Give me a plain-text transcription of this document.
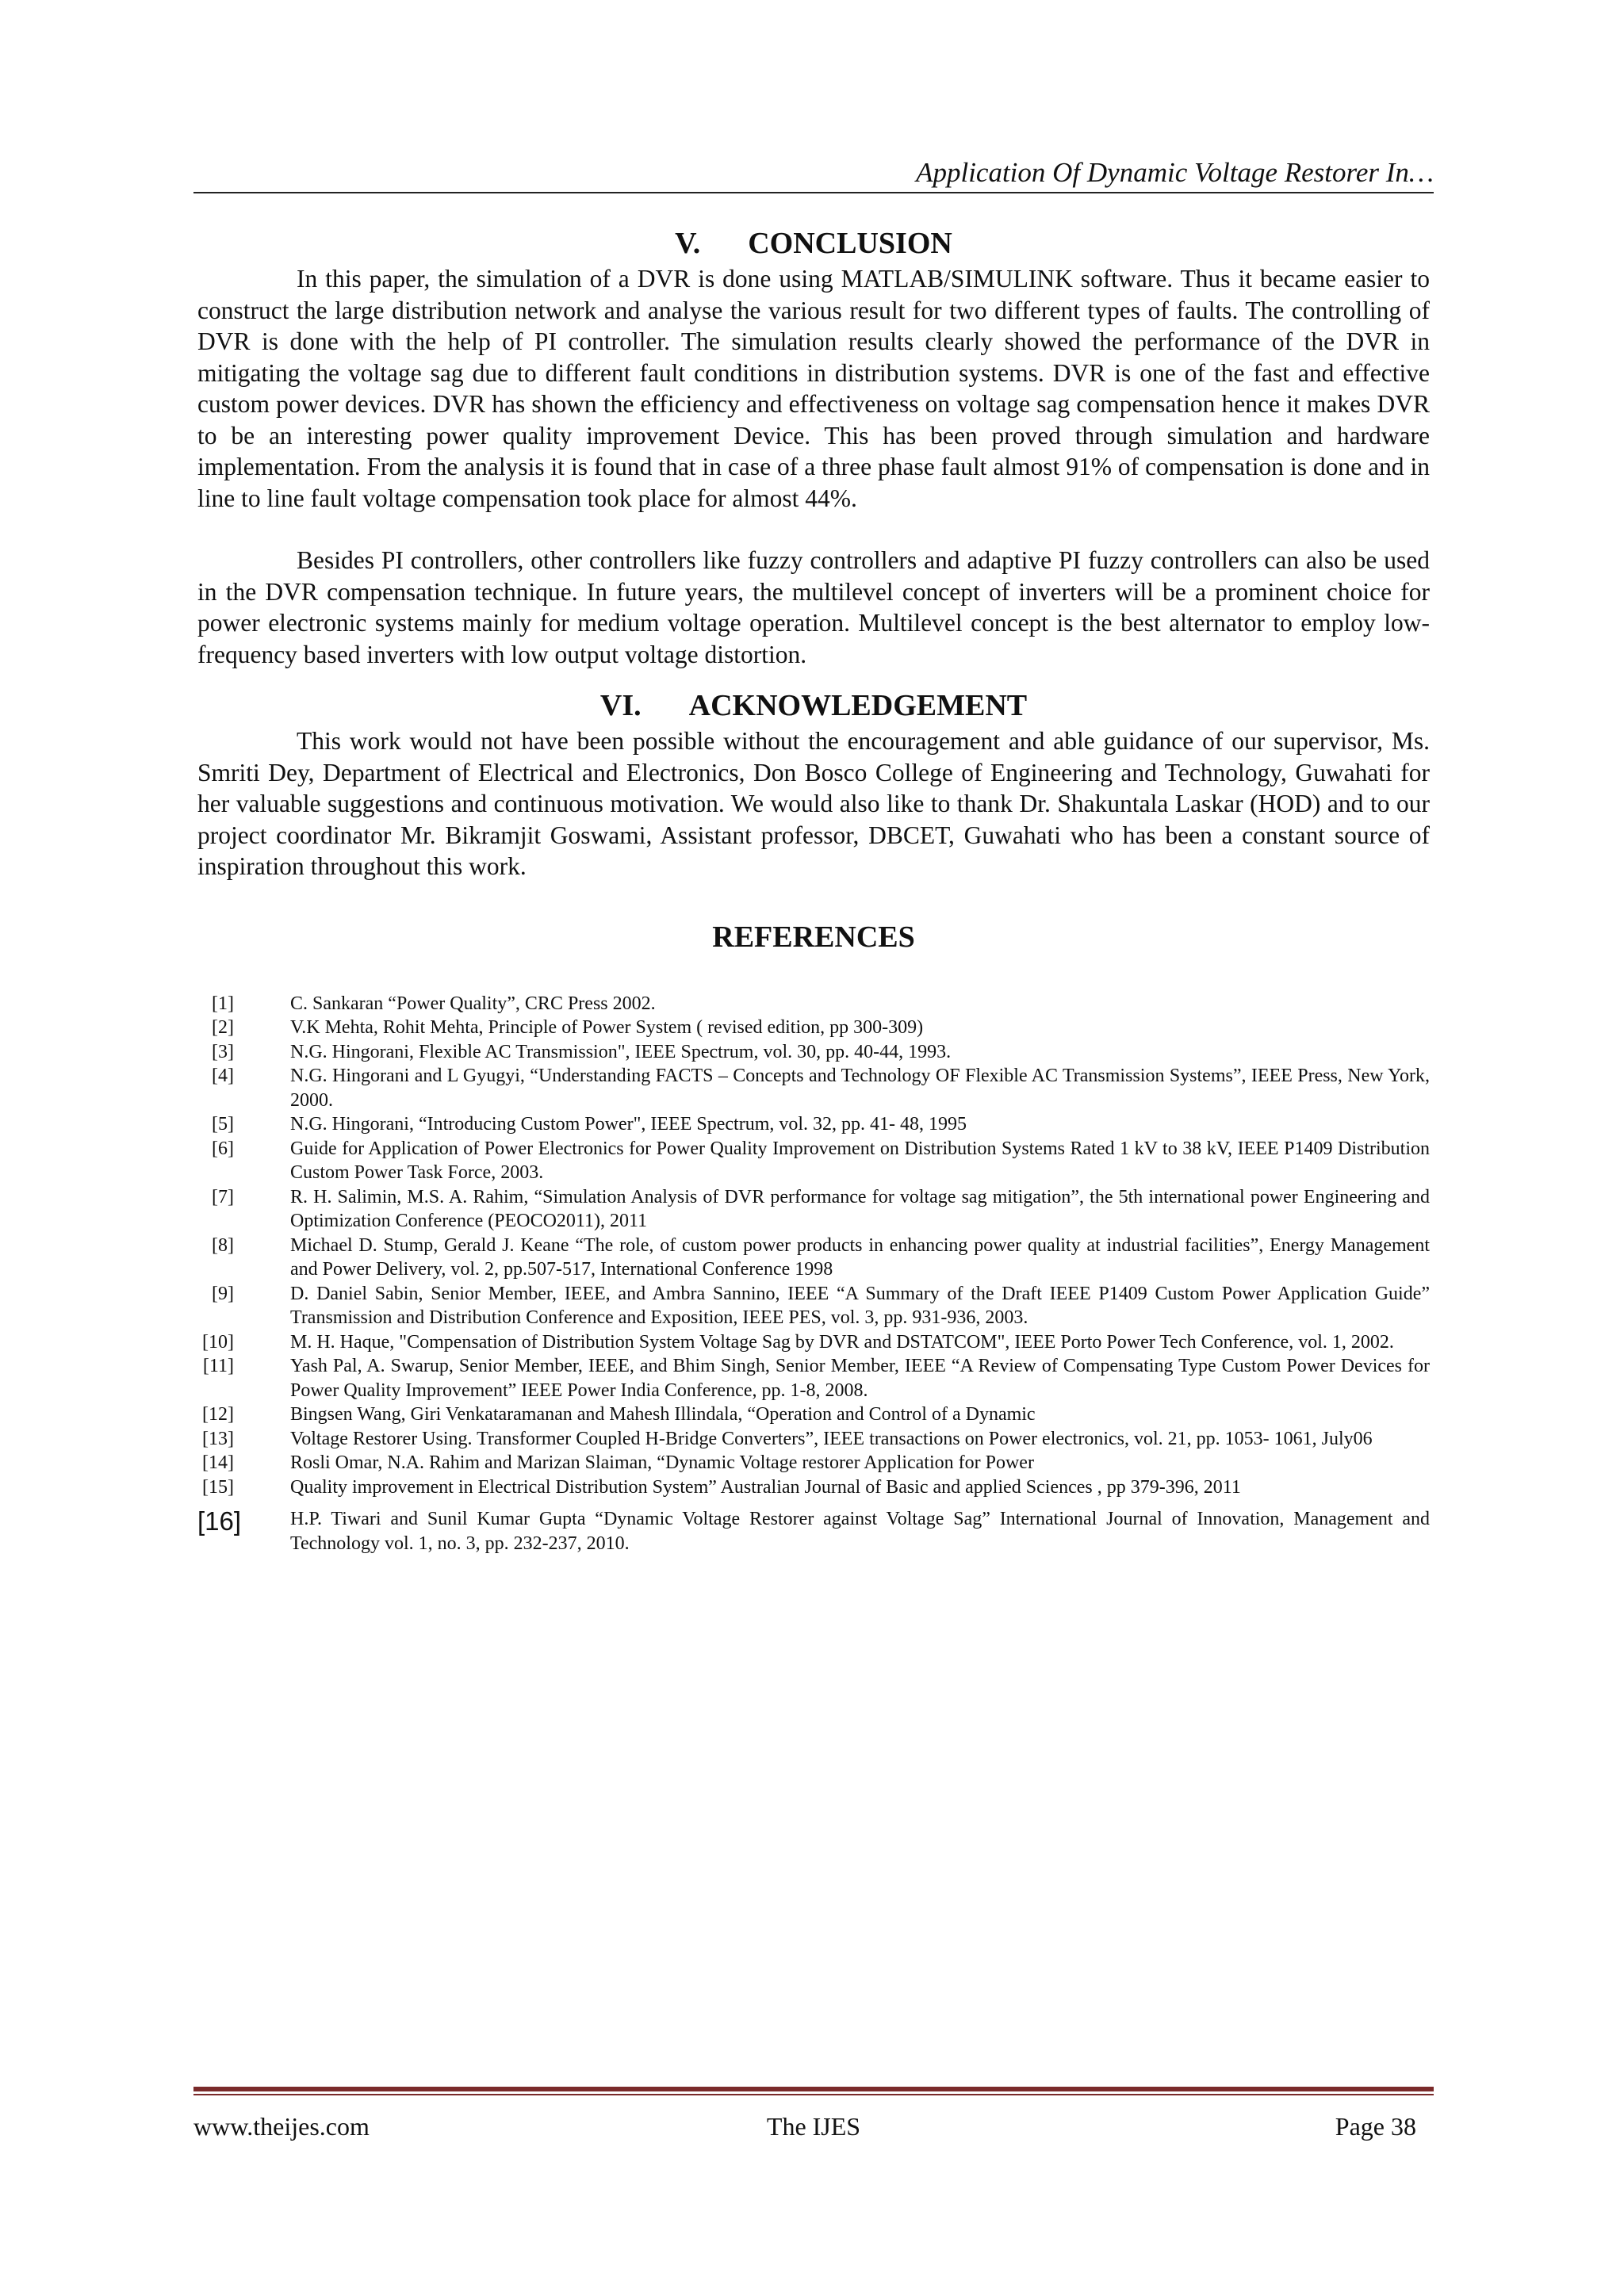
Application Of Dynamic Voltage Restorer In…
V. CONCLUSION

In this paper, the simulation of a DVR is done using MATLAB/SIMULINK software. Thus it became easier to construct the large distribution network and analyse the various result for two different types of faults. The controlling of DVR is done with the help of PI controller. The simulation results clearly showed the performance of the DVR in mitigating the voltage sag due to different fault conditions in distribution systems. DVR is one of the fast and effective custom power devices. DVR has shown the efficiency and effectiveness on voltage sag compensation hence it makes DVR to be an interesting power quality improvement Device. This has been proved through simulation and hardware implementation. From the analysis it is found that in case of a three phase fault almost 91% of compensation is done and in line to line fault voltage compensation took place for almost 44%.

Besides PI controllers, other controllers like fuzzy controllers and adaptive PI fuzzy controllers can also be used in the DVR compensation technique. In future years, the multilevel concept of inverters will be a prominent choice for power electronic systems mainly for medium voltage operation. Multilevel concept is the best alternator to employ low-frequency based inverters with low output voltage distortion.

VI. ACKNOWLEDGEMENT

This work would not have been possible without the encouragement and able guidance of our supervisor, Ms. Smriti Dey, Department of Electrical and Electronics, Don Bosco College of Engineering and Technology, Guwahati for her valuable suggestions and continuous motivation. We would also like to thank Dr. Shakuntala Laskar (HOD) and to our project coordinator Mr. Bikramjit Goswami, Assistant professor, DBCET, Guwahati who has been a constant source of inspiration throughout this work.

REFERENCES
[1]	C. Sankaran “Power Quality”, CRC Press 2002.
[2]	V.K Mehta, Rohit Mehta, Principle of Power System ( revised edition, pp 300-309)
[3]	N.G. Hingorani, Flexible AC Transmission", IEEE Spectrum, vol. 30, pp. 40-44, 1993.
[4]	N.G. Hingorani and L Gyugyi, “Understanding FACTS – Concepts and Technology OF Flexible AC Transmission Systems”, IEEE Press, New York, 2000.
[5]	N.G. Hingorani, “Introducing Custom Power", IEEE Spectrum, vol. 32, pp. 41- 48, 1995
[6]	Guide for Application of Power Electronics for Power Quality Improvement on Distribution Systems Rated 1 kV to 38 kV, IEEE P1409 Distribution Custom Power Task Force, 2003.
[7]	R. H. Salimin, M.S. A. Rahim, “Simulation Analysis of DVR performance for voltage sag mitigation”, the 5th international power Engineering and Optimization Conference (PEOCO2011), 2011
[8]	Michael D. Stump, Gerald J. Keane “The role, of custom power products in enhancing power quality at industrial facilities”, Energy Management and Power Delivery, vol. 2, pp.507-517, International Conference 1998
[9]	D. Daniel Sabin, Senior Member, IEEE, and Ambra Sannino, IEEE “A Summary of the Draft IEEE P1409 Custom Power Application Guide” Transmission and Distribution Conference and Exposition, IEEE PES, vol. 3, pp. 931-936, 2003.
[10]	M. H. Haque, "Compensation of Distribution System Voltage Sag by DVR and DSTATCOM", IEEE Porto Power Tech Conference, vol. 1, 2002.
[11]	Yash Pal, A. Swarup, Senior Member, IEEE, and Bhim Singh, Senior Member, IEEE “A Review of Compensating Type Custom Power Devices for Power Quality Improvement” IEEE Power India Conference, pp. 1-8, 2008.
[12]	Bingsen Wang, Giri Venkataramanan and Mahesh Illindala, “Operation and Control of a Dynamic
[13]	Voltage Restorer Using. Transformer Coupled H-Bridge Converters”, IEEE transactions on Power electronics, vol. 21, pp. 1053- 1061, July06
[14]	Rosli Omar, N.A. Rahim and Marizan Slaiman, “Dynamic Voltage restorer Application for Power
[15]	Quality improvement in Electrical Distribution System” Australian Journal of Basic and applied Sciences , pp 379-396, 2011
[16]	H.P. Tiwari and Sunil Kumar Gupta “Dynamic Voltage Restorer against Voltage Sag” International Journal of Innovation, Management and Technology vol. 1, no. 3, pp. 232-237, 2010.
www.theijes.com	The IJES	Page 38
